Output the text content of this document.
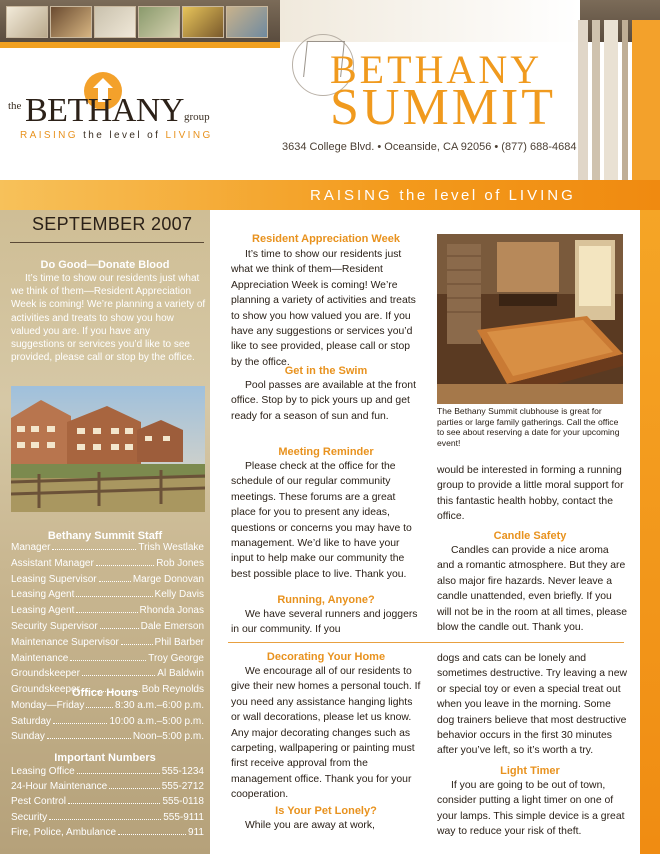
the BETHANY group
RAISING the level of LIVING
BETHANY
SUMMIT
3634 College Blvd. • Oceanside, CA 92056 • (877) 688-4684
RAISING the level of LIVING
SEPTEMBER 2007
Do Good—Donate Blood
It’s time to show our residents just what we think of them—Resident Appreciation Week is coming! We’re planning a variety of activities and treats to show you how valued you are. If you have any suggestions or services you’d like to see provided, please call or stop by the office.
Bethany Summit Staff
Manager	Trish Westlake
Assistant Manager	Rob Jones
Leasing Supervisor	Marge Donovan
Leasing Agent	Kelly Davis
Leasing Agent	Rhonda Jonas
Security Supervisor	Dale Emerson
Maintenance Supervisor	Phil Barber
Maintenance	Troy George
Groundskeeper	Al Baldwin
Groundskeeper	Bob Reynolds
Office Hours
Monday—Friday	8:30 a.m.–6:00 p.m.
Saturday	10:00 a.m.–5:00 p.m.
Sunday	Noon–5:00 p.m.
Important Numbers
Leasing Office	555-1234
24-Hour Maintenance	555-2712
Pest Control	555-0118
Security	555-9111
Fire, Police, Ambulance	911
Resident Appreciation Week
It’s time to show our residents just what we think of them—Resident Appreciation Week is coming! We’re planning a variety of activities and treats to show you how valued you are. If you have any suggestions or services you’d like to see provided, please call or stop by the office.
Get in the Swim
Pool passes are available at the front office. Stop by to pick yours up and get ready for a season of sun and fun.
Meeting Reminder
Please check at the office for the schedule of our regular community meetings. These forums are a great place for you to present any ideas, questions or concerns you may have to management. We’d like to have your input to help make our community the best possible place to live. Thank you.
Running, Anyone?
We have several runners and joggers in our community. If you
The Bethany Summit clubhouse is great for parties or large family gatherings. Call the office to see about reserving a date for your upcoming event!
would be interested in forming a running group to provide a little moral support for this fantastic health hobby, contact the office.
Candle Safety
Candles can provide a nice aroma and a romantic atmosphere. But they are also major fire hazards. Never leave a candle unattended, even briefly. If you will not be in the room at all times, please blow the candle out. Thank you.
Decorating Your Home
We encourage all of our residents to give their new homes a personal touch. If you need any assistance hanging lights or wall decorations, please let us know. Any major decorating changes such as carpeting, wallpapering or painting must first receive approval from the management office. Thank you for your cooperation.
Is Your Pet Lonely?
While you are away at work,
dogs and cats can be lonely and sometimes destructive. Try leaving a new or special toy or even a special treat out when you leave in the morning. Some dog trainers believe that most destructive behavior occurs in the first 30 minutes after you’ve left, so it’s worth a try.
Light Timer
If you are going to be out of town, consider putting a light timer on one of your lamps. This simple device is a great way to reduce your risk of theft.
